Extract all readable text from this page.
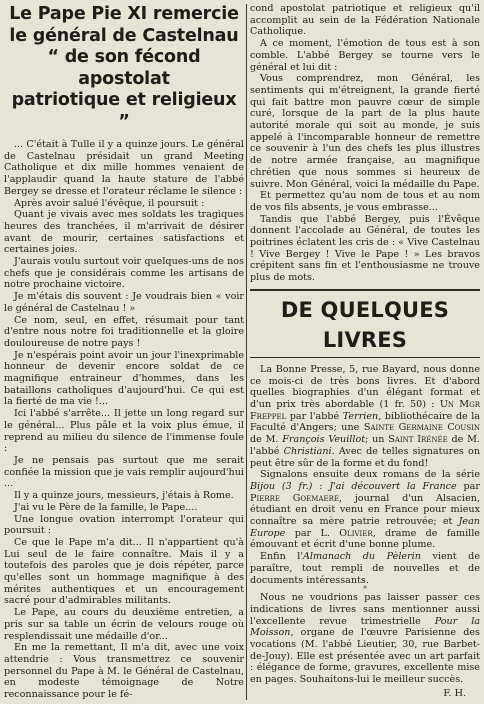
Le Pape Pie XI remercie
le général de Castelnau
“ de son fécond apostolat
patriotique et religieux ”

... C'était à Tulle il y a quinze jours. Le général de Castelnau présidait un grand Meeting Catholique et dix mille hommes venaient de l'applaudir quand la haute stature de l'abbé Bergey se dresse et l'orateur réclame le silence :

Après avoir salué l'évêque, il poursuit :

Quant je vivais avec mes soldats les tragiques heures des tranchées, il m'arrivait de désirer avant de mourir, certaines satisfactions et certaines joies.

J'aurais voulu surtout voir quelques-uns de nos chefs que je considérais comme les artisans de notre prochaine victoire.

Je m'étais dis souvent : Je voudrais bien « voir le général de Castelnau ! »

Ce nom, seul, en effet, résumait pour tant d'entre nous notre foi traditionnelle et la gloire douloureuse de notre pays !

Je n'espérais point avoir un jour l'inexprimable honneur de devenir encore soldat de ce magnifique entraineur d'hommes, dans les bataillons catholiques d'aujourd'hui. Ce qui est la fierté de ma vie !...

Ici l'abbé s'arrête... Il jette un long regard sur le général... Plus pâle et la voix plus émue, il reprend au milieu du silence de l'immense foule :

Je ne pensais pas surtout que me serait confiée la mission que je vais remplir aujourd'hui ...

Il y a quinze jours, messieurs, j'étais à Rome.

J'ai vu le Père de la famille, le Pape....

Une longue ovation interrompt l'orateur qui poursuit :

Ce que le Pape m'a dit... Il n'appartient qu'à Lui seul de le faire connaître. Mais il y a toutefois des paroles que je dois répéter, parce qu'elles sont un hommage magnifique à des mérites authentiques et un encouragement sacré pour d'admirables militants.

Le Pape, au cours du deuxième entretien, a pris sur sa table un écrin de velours rouge où resplendissait une médaille d'or...

En me la remettant, Il m'a dit, avec une voix attendrie : Vous transmettrez ce souvenir personnel du Pape à M. le Général de Castelnau, en modeste témoignage de Notre reconnaissance pour le fé-

cond apostolat patriotique et religieux qu'il accomplit au sein de la Fédération Nationale Catholique.

A ce moment, l'émotion de tous est à son comble. L'abbé Bergey se tourne vers le général et lui dit :

Vous comprendrez, mon Général, les sentiments qui m'étreignent, la grande fierté qui fait battre mon pauvre cœur de simple curé, lorsque de la part de la plus haute autorité morale qui soit au monde, je suis appelé à l'incomparable honneur de remettre ce souvenir à l'un des chefs les plus illustres de notre armée française, au magnifique chrétien que nous sommes si heureux de suivre. Mon Général, voici la médaille du Pape.

Et permettez qu'au nom de tous et au nom de vos fils absents, je vous embrasse...

Tandis que l'abbé Bergey, puis l'Évêque donnent l'accolade au Général, de toutes les poitrines éclatent les cris de : « Vive Castelnau ! Vive Bergey ! Vive le Pape ! » Les bravos crépitent sans fin et l'enthousiasme ne trouve plus de mots.

DE QUELQUES LIVRES

La Bonne Presse, 5, rue Bayard, nous donne ce mois-ci de très bons livres. Et d'abord quelles biographies d'un élégant format et d'un prix très abordable (1 fr. 50) : Un Mgr Freppel par l'abbé Terrien, bibliothécaire de la Faculté d'Angers; une Sainte Germaine Cousin de M. François Veuillot; un Saint Irénée de M. l'abbé Christiani. Avec de telles signatures on peut être sûr de la forme et du fond!

Signalons ensuite deux romans de la série Bijou (3 fr.) : J'ai découvert la France par Pierre Goemaere, journal d'un Alsacien, étudiant en droit venu en France pour mieux connaître sa mère patrie retrouvée; et Jean Europe par L. Olivier, drame de famille émouvant et écrit d'une bonne plume.

Enfin l'Almanach du Pèlerin vient de paraître, tout rempli de nouvelles et de documents intéressants.

*

Nous ne voudrions pas laisser passer ces indications de livres sans mentionner aussi l'excellente revue trimestrielle Pour la Moisson, organe de l'œuvre Parisienne des vocations (M. l'abbé Lieutier, 30, rue Barbet-de-Jouy). Elle est présentée avec un art parfait : élégance de forme, gravures, excellente mise en pages. Souhaitons-lui le meilleur succès.

F. H.
